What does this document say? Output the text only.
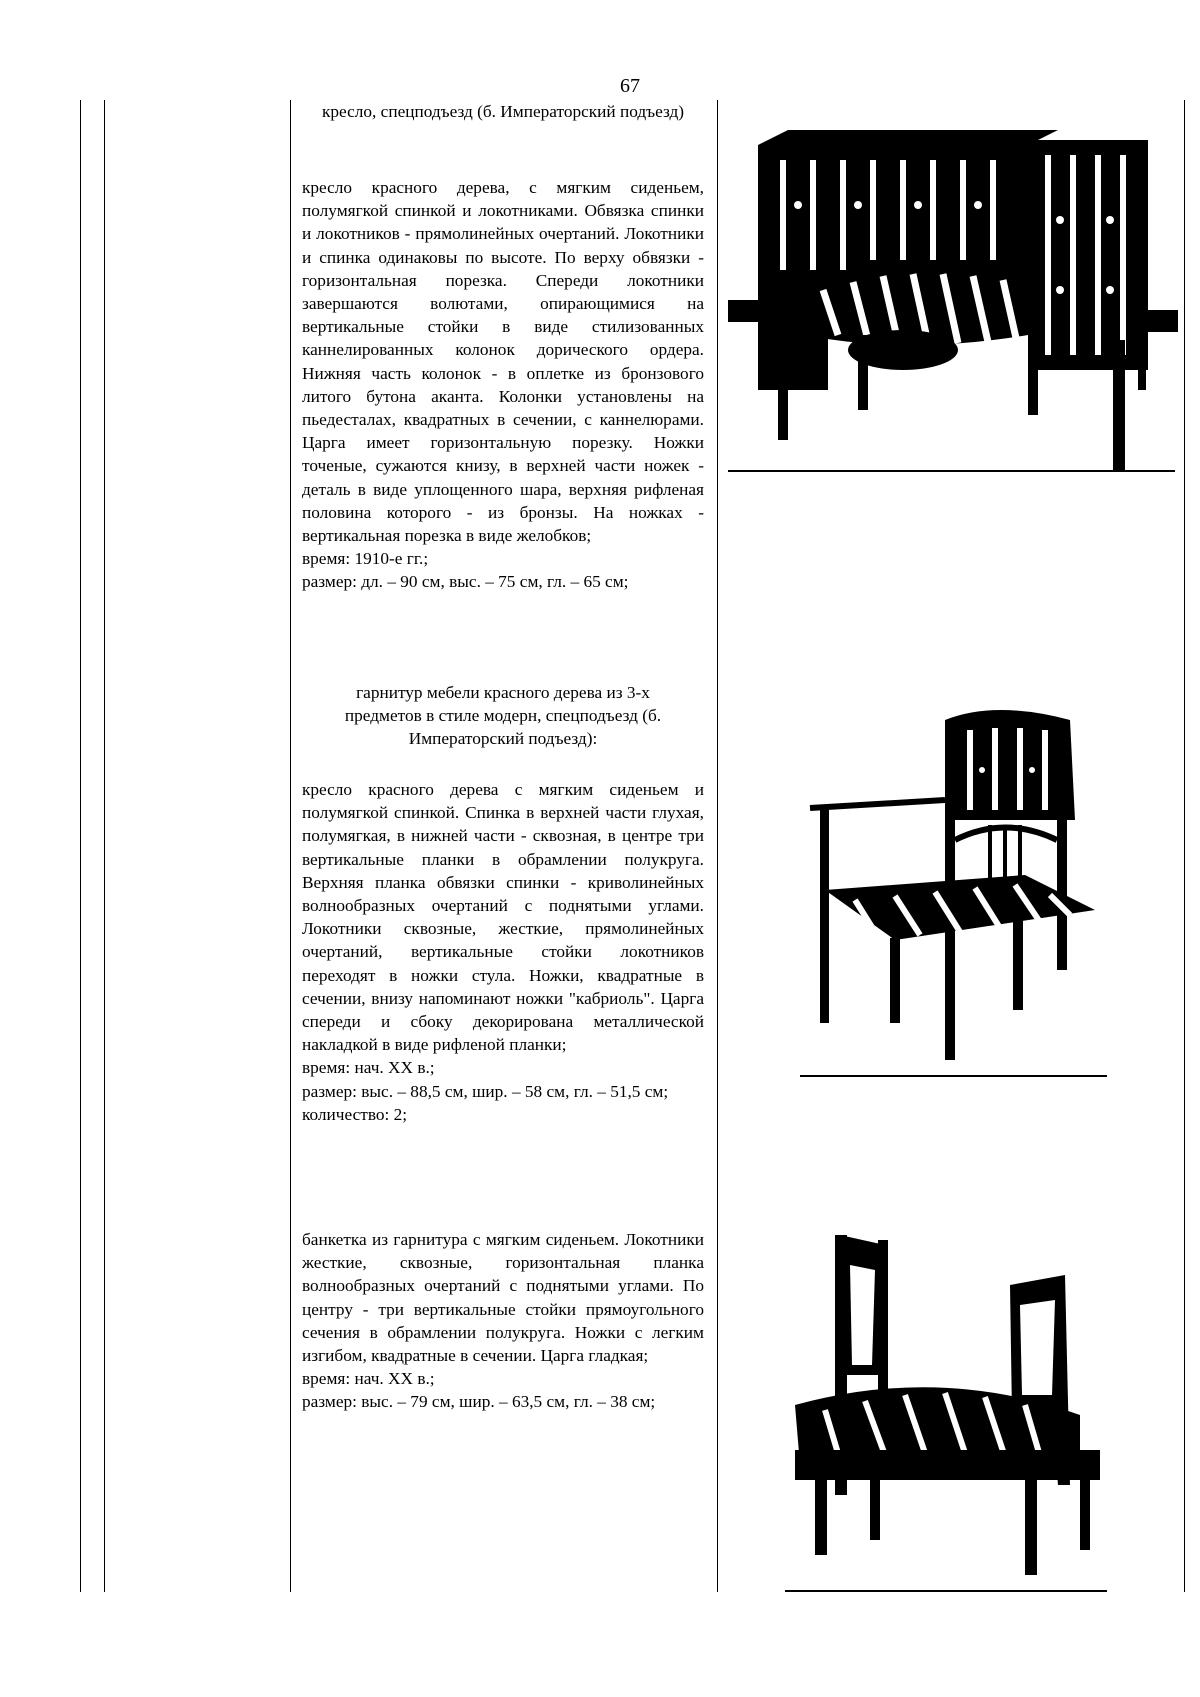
67

кресло, спецподъезд (б. Императорский подъезд)

кресло красного дерева, с мягким сиденьем, полумягкой спинкой и локотниками. Обвязка спинки и локотников - прямолинейных очертаний. Локотники и спинка одинаковы по высоте. По верху обвязки - горизонтальная порезка. Спереди локотники завершаются волютами, опирающимися на вертикальные стойки в виде стилизованных каннелированных колонок дорического ордера. Нижняя часть колонок - в оплетке из бронзового литого бутона аканта. Колонки установлены на пьедесталах, квадратных в сечении, с каннелюрами. Царга имеет горизонтальную порезку. Ножки точеные, сужаются книзу, в верхней части ножек - деталь в виде уплощенного шара, верхняя рифленая половина которого - из бронзы. На ножках - вертикальная порезка в виде желобков;

время: 1910-е гг.;

размер: дл. – 90 см, выс. – 75 см, гл. – 65 см;

гарнитур мебели красного дерева из 3-х предметов в стиле модерн, спецподъезд (б. Императорский подъезд):

кресло красного дерева с мягким сиденьем и полумягкой спинкой. Спинка в верхней части глухая, полумягкая, в нижней части - сквозная, в центре три вертикальные планки в обрамлении полукруга. Верхняя планка обвязки спинки - криволинейных волнообразных очертаний с поднятыми углами. Локотники сквозные, жесткие, прямолинейных очертаний, вертикальные стойки локотников переходят в ножки стула. Ножки, квадратные в сечении, внизу напоминают ножки "кабриоль". Царга спереди и сбоку декорирована металлической накладкой в виде рифленой планки;

время: нач. XX в.;

размер: выс. – 88,5 см, шир. – 58 см, гл. – 51,5 см;

количество: 2;

банкетка из гарнитура с мягким сиденьем. Локотники жесткие, сквозные, горизонтальная планка волнообразных очертаний с поднятыми углами. По центру - три вертикальные стойки прямоугольного сечения в обрамлении полукруга. Ножки с легким изгибом, квадратные в сечении. Царга гладкая;

время: нач. XX в.;

размер: выс. – 79 см, шир. – 63,5 см, гл. – 38 см;
